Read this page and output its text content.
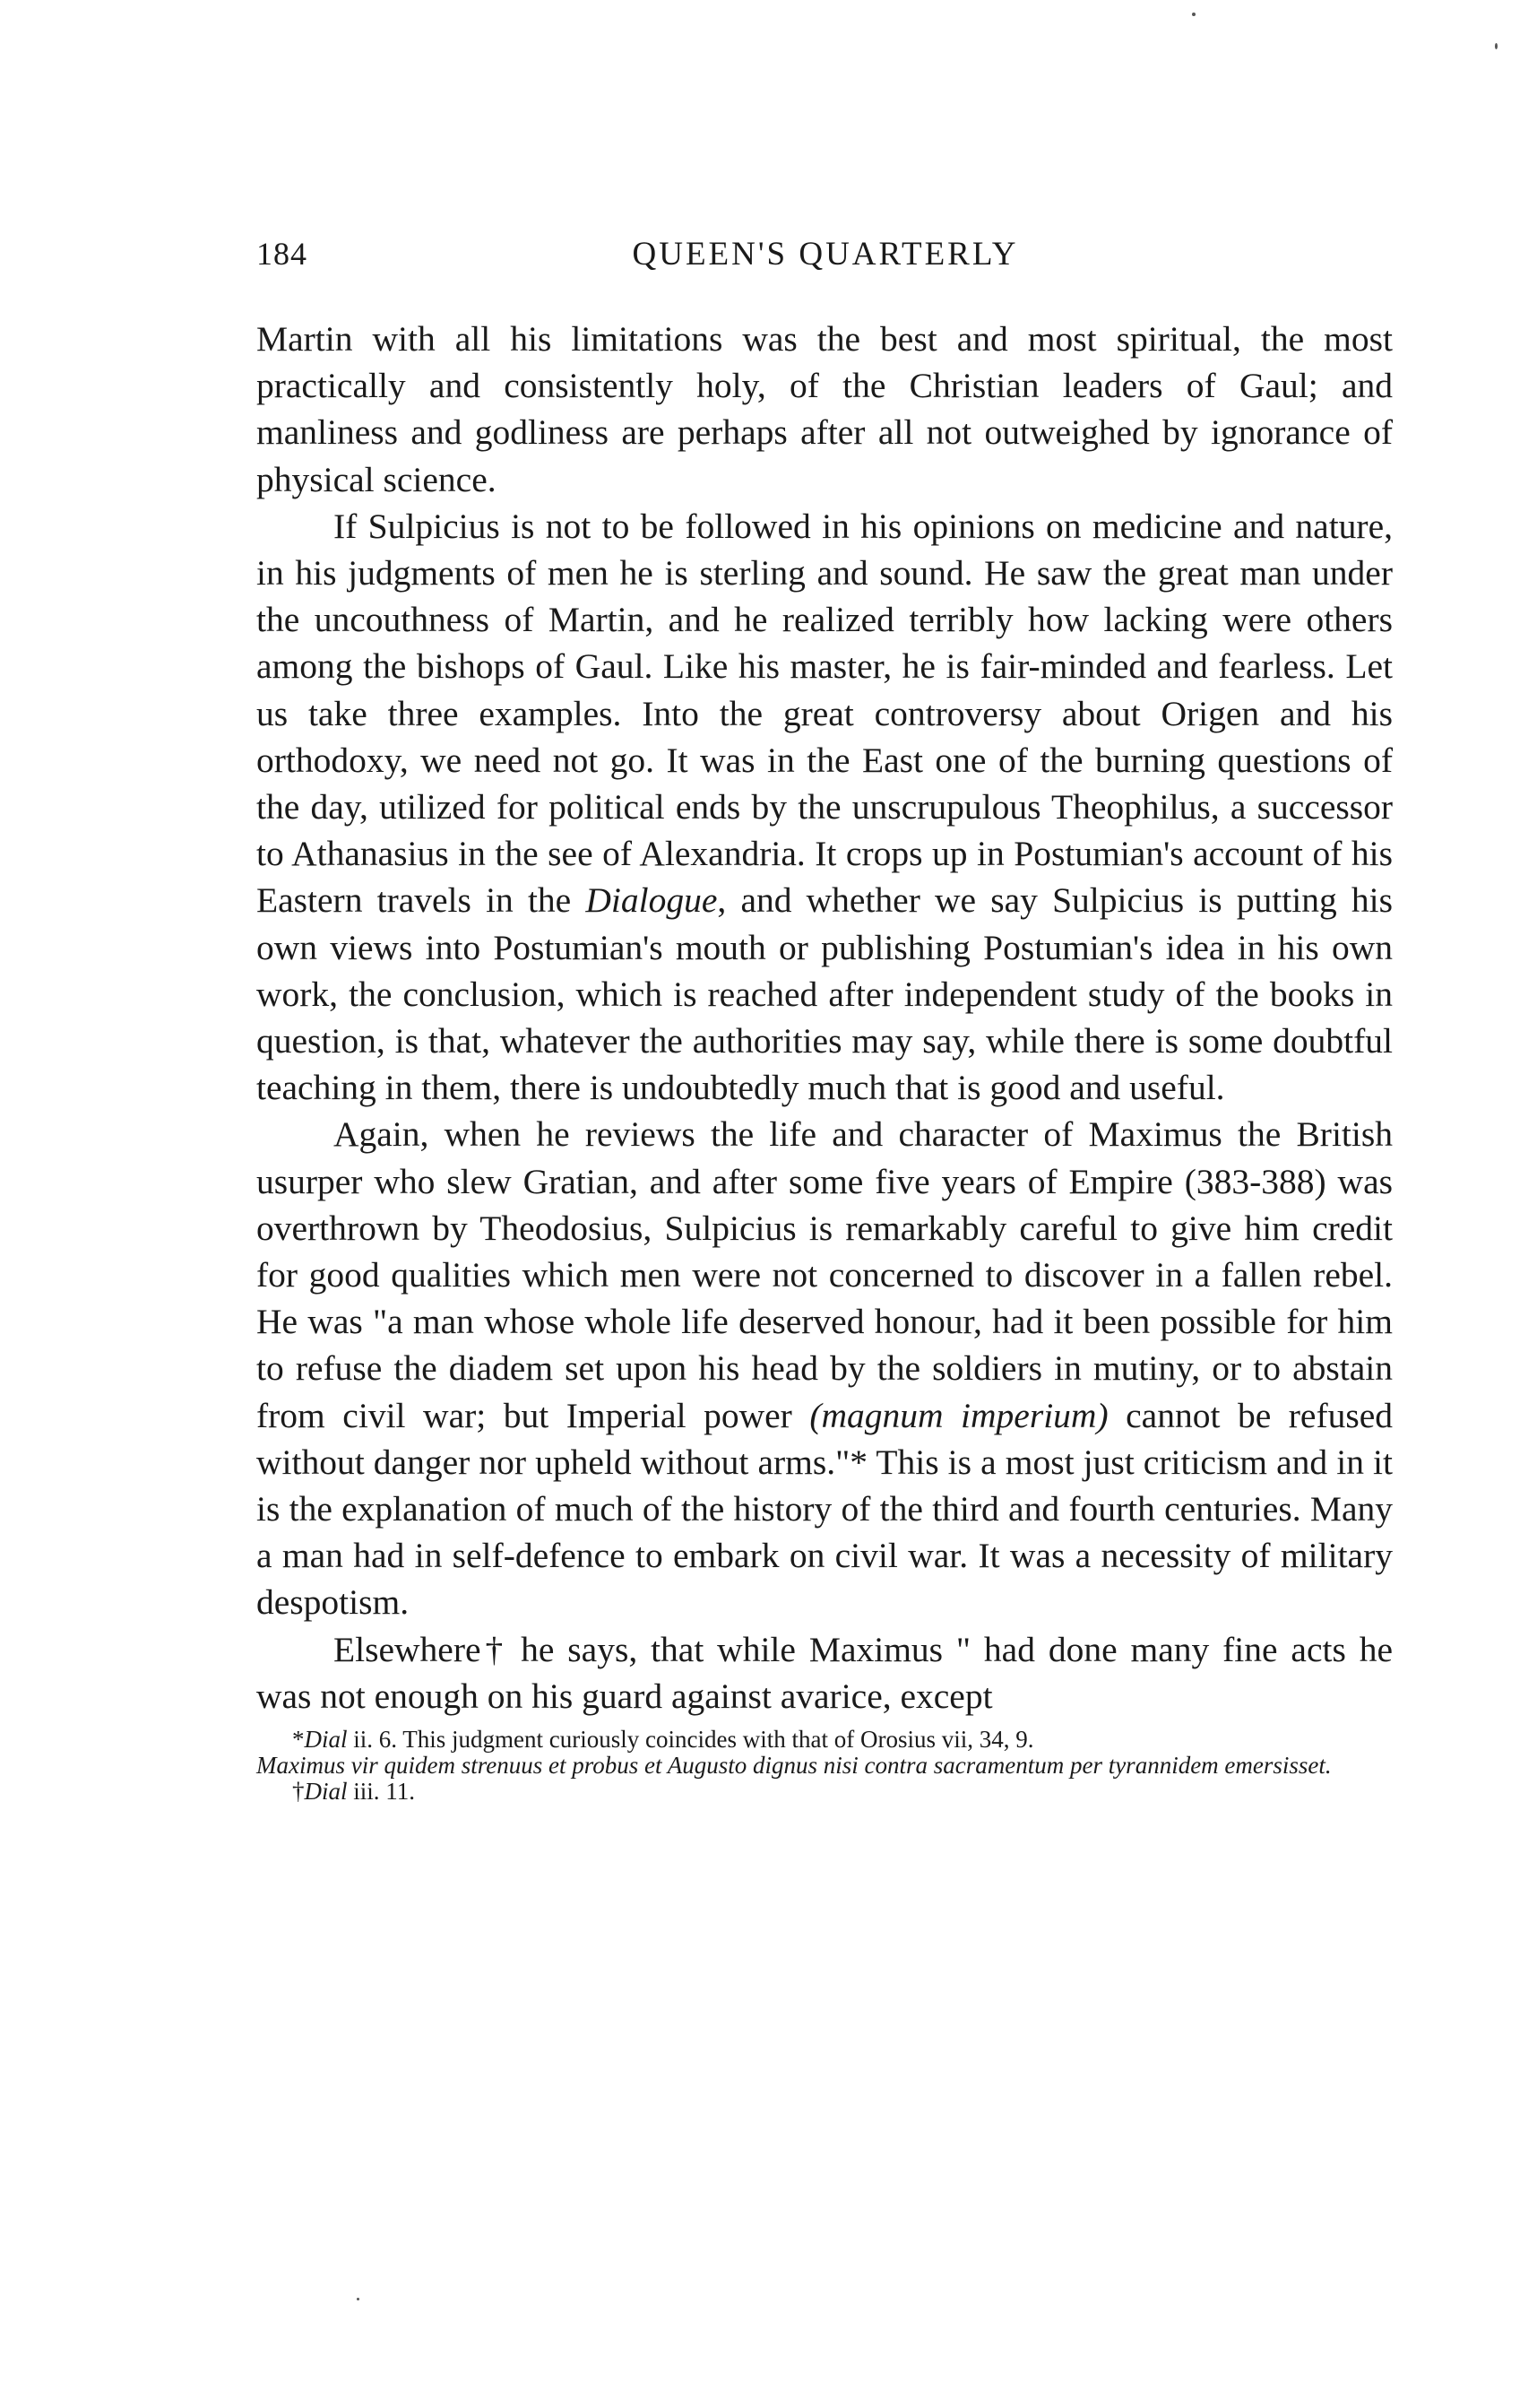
184	QUEEN'S QUARTERLY

Martin with all his limitations was the best and most spiritual, the most practically and consistently holy, of the Christian leaders of Gaul; and manliness and godliness are perhaps after all not outweighed by ignorance of physical science.

If Sulpicius is not to be followed in his opinions on medicine and nature, in his judgments of men he is sterling and sound. He saw the great man under the uncouthness of Martin, and he realized terribly how lacking were others among the bishops of Gaul. Like his master, he is fair-minded and fearless. Let us take three examples. Into the great controversy about Origen and his orthodoxy, we need not go. It was in the East one of the burning questions of the day, utilized for political ends by the unscrupulous Theophilus, a successor to Athanasius in the see of Alexandria. It crops up in Postumian's account of his Eastern travels in the Dialogue, and whether we say Sulpicius is putting his own views into Postumian's mouth or publishing Postumian's idea in his own work, the conclusion, which is reached after independent study of the books in question, is that, whatever the authorities may say, while there is some doubtful teaching in them, there is undoubtedly much that is good and useful.

Again, when he reviews the life and character of Maximus the British usurper who slew Gratian, and after some five years of Empire (383-388) was overthrown by Theodosius, Sulpicius is remarkably careful to give him credit for good qualities which men were not concerned to discover in a fallen rebel. He was "a man whose whole life deserved honour, had it been possible for him to refuse the diadem set upon his head by the soldiers in mutiny, or to abstain from civil war; but Imperial power (magnum imperium) cannot be refused without danger nor upheld without arms."* This is a most just criticism and in it is the explanation of much of the history of the third and fourth centuries. Many a man had in self-defence to embark on civil war. It was a necessity of military despotism.

Elsewhere† he says, that while Maximus " had done many fine acts he was not enough on his guard against avarice, except

*Dial ii. 6. This judgment curiously coincides with that of Orosius vii, 34, 9.

Maximus vir quidem strenuus et probus et Augusto dignus nisi contra sacramentum per tyrannidem emersisset.

†Dial iii. 11.
